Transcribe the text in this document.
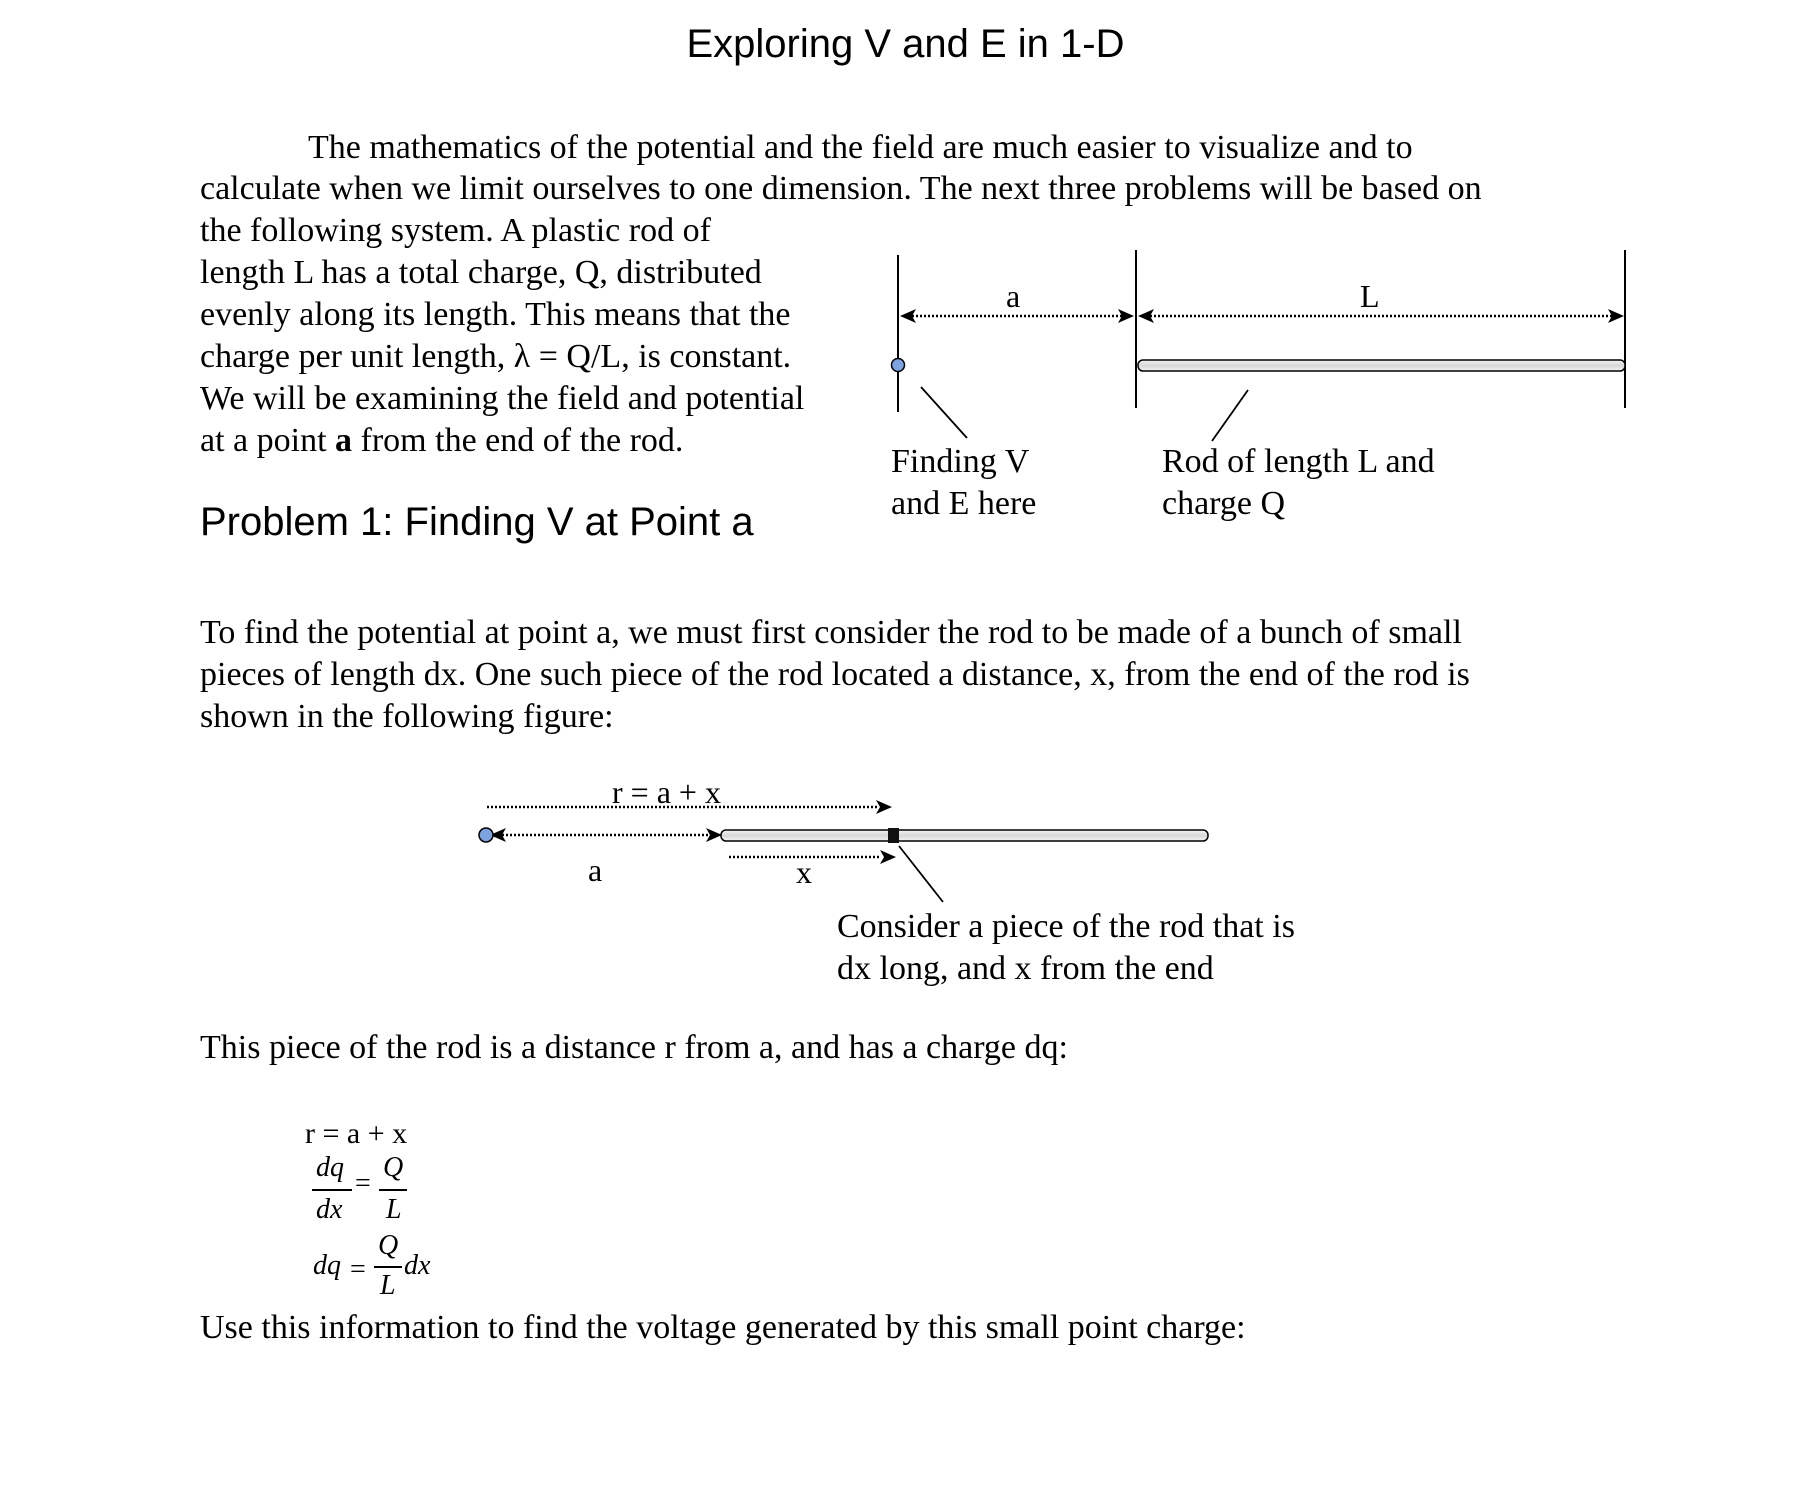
Exploring V and E in 1-D

The mathematics of the potential and the field are much easier to visualize and to

calculate when we limit ourselves to one dimension. The next three problems will be based on

the following system. A plastic rod of

length L has a total charge, Q, distributed

evenly along its length. This means that the

charge per unit length, λ = Q/L, is constant.

We will be examining the field and potential

at a point a from the end of the rod.

a	L

Finding V

and E here

Rod of length L and

charge Q

Problem 1: Finding V at Point a

To find the potential at point a, we must first consider the rod to be made of a bunch of small

pieces of length dx. One such piece of the rod located a distance, x, from the end of the rod is

shown in the following figure:

r = a + x

a	x

Consider a piece of the rod that is

dx long, and x from the end

This piece of the rod is a distance r from a, and has a charge dq:

r = a + x

dq
dx
=
Q
L
dq =
Q
L
dx

Use this information to find the voltage generated by this small point charge:
